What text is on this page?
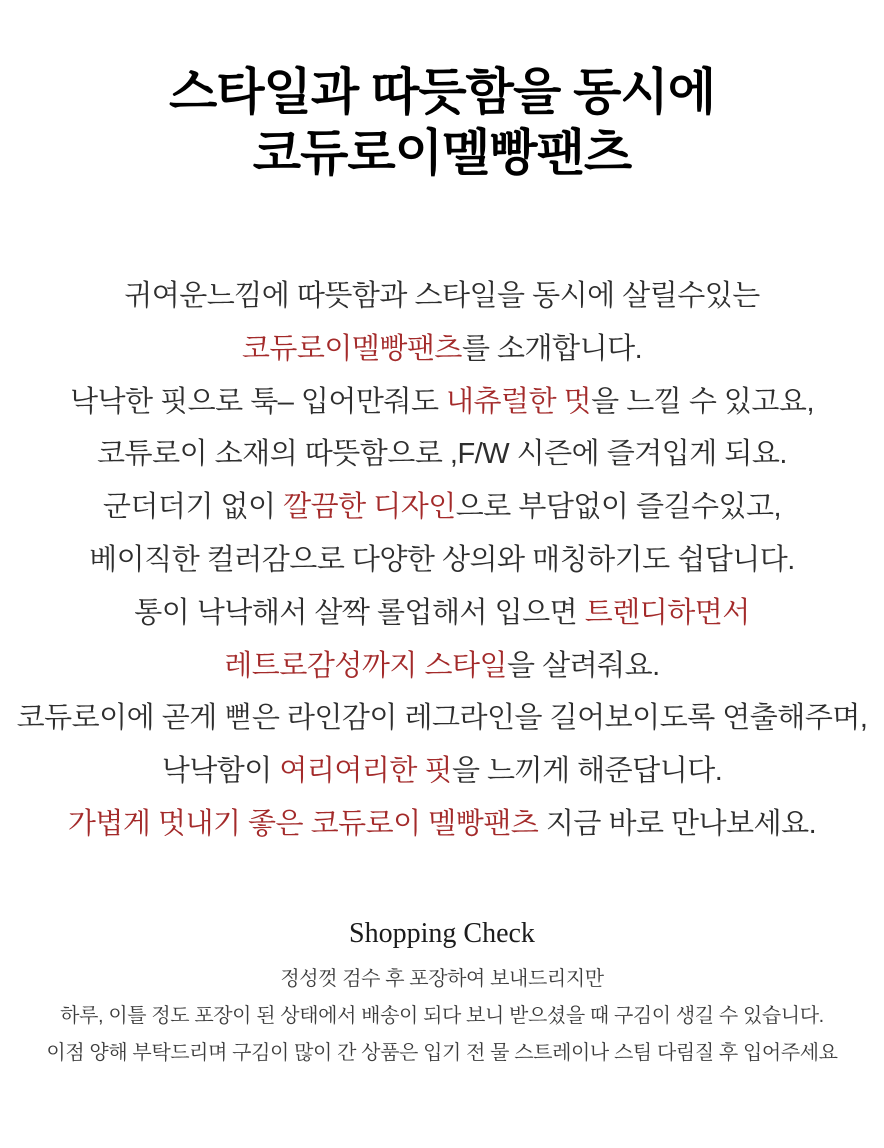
스타일과 따듯함을 동시에
코듀로이멜빵팬츠

귀여운느낌에 따뜻함과 스타일을 동시에 살릴수있는

코듀로이멜빵팬츠를 소개합니다.

낙낙한 핏으로 툭– 입어만줘도 내츄럴한 멋을 느낄 수 있고요,

코튜로이 소재의 따뜻함으로 ,F/W 시즌에 즐겨입게 되요.

군더더기 없이 깔끔한 디자인으로 부담없이 즐길수있고,

베이직한 컬러감으로 다양한 상의와 매칭하기도 쉽답니다.

통이 낙낙해서 살짝 롤업해서 입으면 트렌디하면서

레트로감성까지 스타일을 살려줘요.

코듀로이에 곧게 뻗은 라인감이 레그라인을 길어보이도록 연출해주며,

낙낙함이 여리여리한 핏을 느끼게 해준답니다.

가볍게 멋내기 좋은 코듀로이 멜빵팬츠 지금 바로 만나보세요.

Shopping Check

정성껏 검수 후 포장하여 보내드리지만

하루, 이틀 정도 포장이 된 상태에서 배송이 되다 보니 받으셨을 때 구김이 생길 수 있습니다.

이점 양해 부탁드리며 구김이 많이 간 상품은 입기 전 물 스트레이나 스팀 다림질 후 입어주세요
